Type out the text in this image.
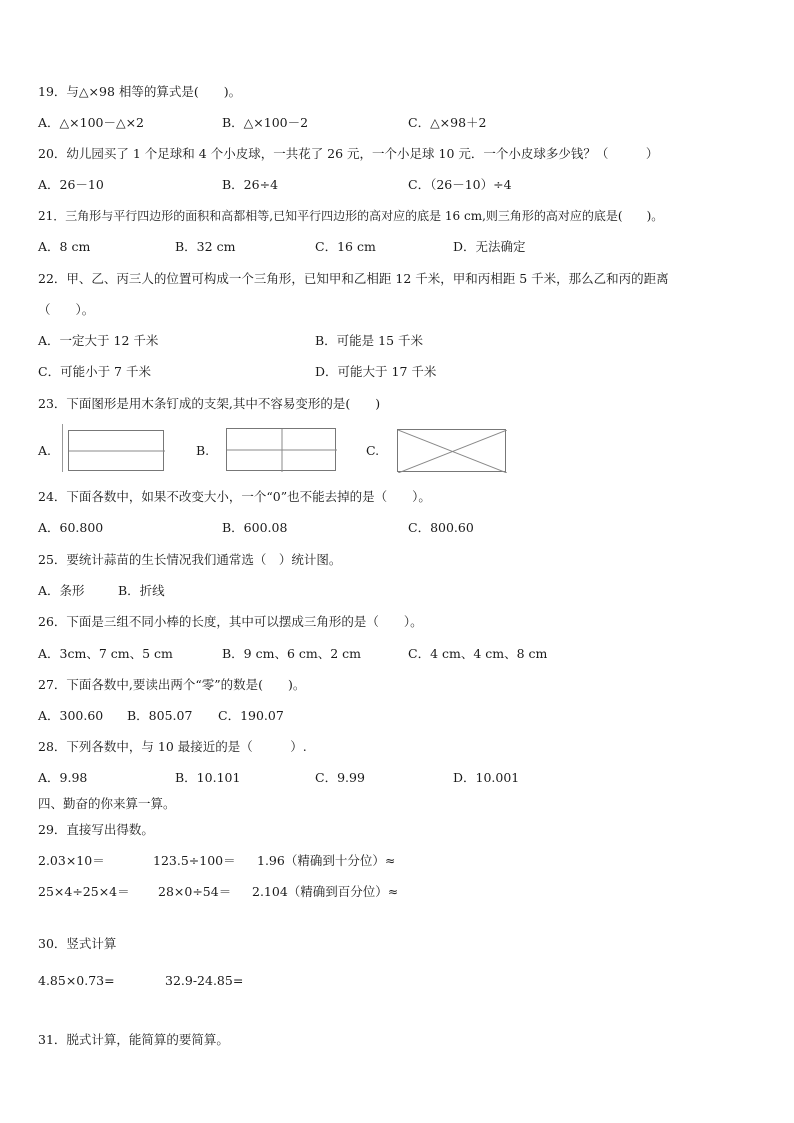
19．与△×98 相等的算式是(　　)。
A．△×100－△×2	B．△×100－2	C．△×98＋2
20．幼儿园买了 1 个足球和 4 个小皮球，一共花了 26 元，一个小足球 10 元．一个小皮球多少钱？（　　　）
A．26－10	B．26÷4	C．（26－10）÷4
21．三角形与平行四边形的面积和高都相等,已知平行四边形的高对应的底是 16 cm,则三角形的高对应的底是(　　)。
A．8 cm	B．32 cm	C．16 cm	D．无法确定
22．甲、乙、丙三人的位置可构成一个三角形，已知甲和乙相距 12 千米，甲和丙相距 5 千米，那么乙和丙的距离
（　　）。
A．一定大于 12 千米	B．可能是 15 千米
C．可能小于 7 千米	D．可能大于 17 千米
23．下面图形是用木条钉成的支架,其中不容易变形的是(　　)
A.	B.	C.
24．下面各数中，如果不改变大小，一个“0”也不能去掉的是（　　）。
A．60.800	B．600.08	C．800.60
25．要统计蒜苗的生长情况我们通常选（　）统计图。
A．条形	B．折线
26．下面是三组不同小棒的长度，其中可以摆成三角形的是（　　）。
A．3cm、7 cm、5 cm	B．9 cm、6 cm、2 cm	C．4 cm、4 cm、8 cm
27．下面各数中,要读出两个“零”的数是(　　)。
A．300.60 B．805.07 C．190.07
28．下列各数中，与 10 最接近的是（　　　）.
A．9.98	B．10.101	C．9.99	D．10.001
四、勤奋的你来算一算。
29．直接写出得数。
2.03×10＝	123.5÷100＝ 1.96（精确到十分位）≈
25×4÷25×4＝ 28×0÷54＝ 2.104（精确到百分位）≈
30．竖式计算
4.85×0.73=	32.9-24.85=
31．脱式计算，能简算的要简算。
